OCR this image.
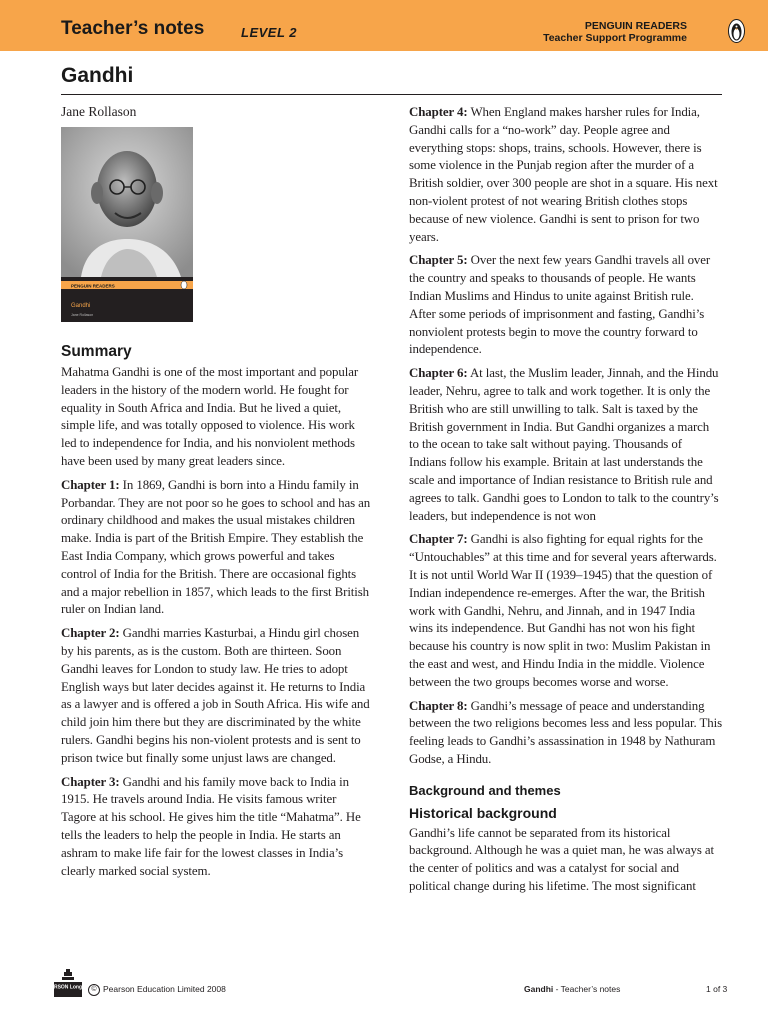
Teacher’s notes	LEVEL 2	PENGUIN READERS
Teacher Support Programme
Gandhi
Jane Rollason
PENGUIN READERS
Gandhi
Jane Rollason
Summary

Mahatma Gandhi is one of the most important and popular leaders in the history of the modern world. He fought for equality in South Africa and India. But he lived a quiet, simple life, and was totally opposed to violence. His work led to independence for India, and his nonviolent methods have been used by many great leaders since.

Chapter 1: In 1869, Gandhi is born into a Hindu family in Porbandar. They are not poor so he goes to school and has an ordinary childhood and makes the usual mistakes children make. India is part of the British Empire. They establish the East India Company, which grows powerful and takes control of India for the British. There are occasional fights and a major rebellion in 1857, which leads to the first British ruler on Indian land.

Chapter 2: Gandhi marries Kasturbai, a Hindu girl chosen by his parents, as is the custom. Both are thirteen. Soon Gandhi leaves for London to study law. He tries to adopt English ways but later decides against it. He returns to India as a lawyer and is offered a job in South Africa. His wife and child join him there but they are discriminated by the white rulers. Gandhi begins his non-violent protests and is sent to prison twice but finally some unjust laws are changed.

Chapter 3: Gandhi and his family move back to India in 1915. He travels around India. He visits famous writer Tagore at his school. He gives him the title “Mahatma”. He tells the leaders to help the people in India. He starts an ashram to make life fair for the lowest classes in India’s clearly marked social system.

Chapter 4: When England makes harsher rules for India, Gandhi calls for a “no-work” day. People agree and everything stops: shops, trains, schools. However, there is some violence in the Punjab region after the murder of a British soldier, over 300 people are shot in a square. His next non-violent protest of not wearing British clothes stops because of new violence. Gandhi is sent to prison for two years.

Chapter 5: Over the next few years Gandhi travels all over the country and speaks to thousands of people. He wants Indian Muslims and Hindus to unite against British rule. After some periods of imprisonment and fasting, Gandhi’s nonviolent protests begin to move the country forward to independence.

Chapter 6: At last, the Muslim leader, Jinnah, and the Hindu leader, Nehru, agree to talk and work together. It is only the British who are still unwilling to talk. Salt is taxed by the British government in India. But Gandhi organizes a march to the ocean to take salt without paying. Thousands of Indians follow his example. Britain at last understands the scale and importance of Indian resistance to British rule and agrees to talk. Gandhi goes to London to talk to the country’s leaders, but independence is not won

Chapter 7: Gandhi is also fighting for equal rights for the “Untouchables” at this time and for several years afterwards. It is not until World War II (1939–1945) that the question of Indian independence re-emerges. After the war, the British work with Gandhi, Nehru, and Jinnah, and in 1947 India wins its independence. But Gandhi has not won his fight because his country is now split in two: Muslim Pakistan in the east and west, and Hindu India in the middle. Violence between the two groups becomes worse and worse.

Chapter 8: Gandhi’s message of peace and understanding between the two religions becomes less and less popular. This feeling leads to Gandhi’s assassination in 1948 by Nathuram Godse, a Hindu.

Background and themes
Historical background

Gandhi’s life cannot be separated from its historical background. Although he was a quiet man, he was always at the center of politics and was a catalyst for social and political change during his lifetime. The most significant

PEARSON Longman © Pearson Education Limited 2008	Gandhi - Teacher’s notes	1 of 3
